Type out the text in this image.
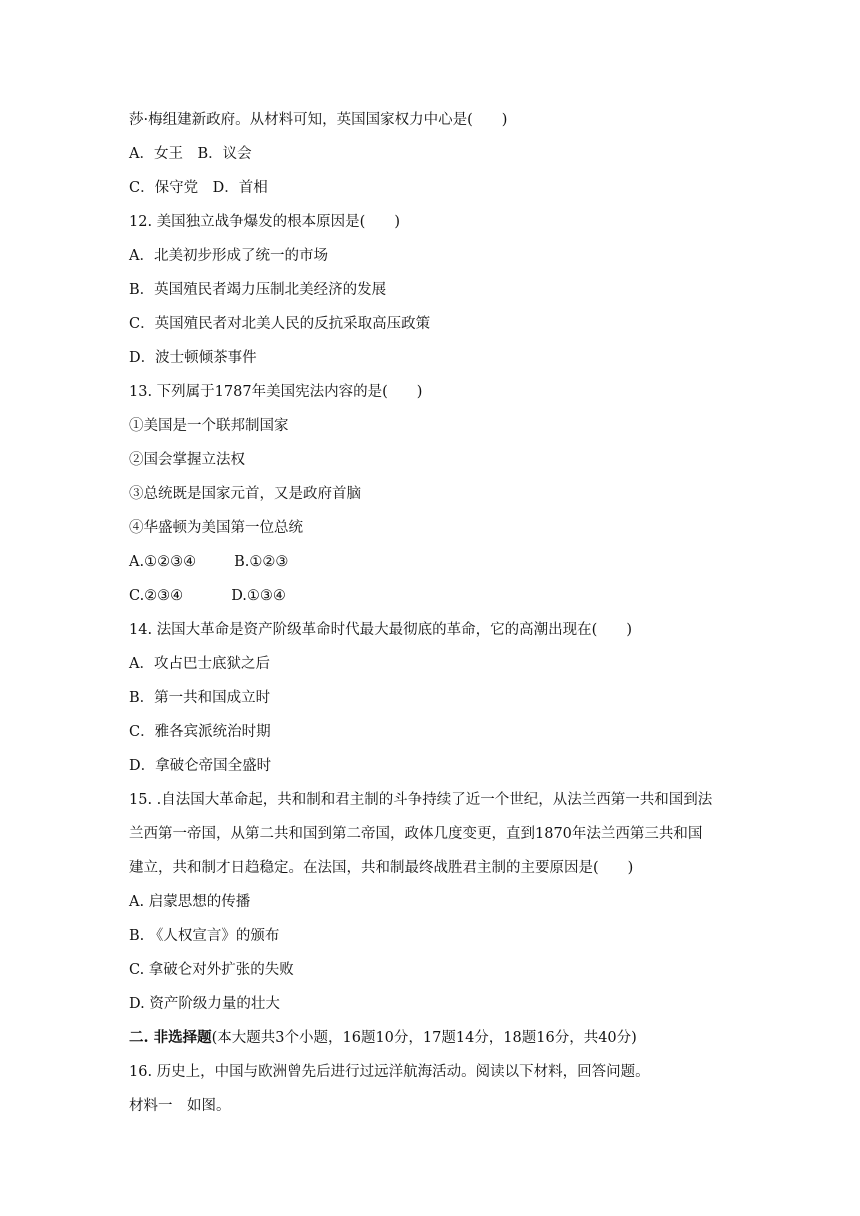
莎·梅组建新政府。从材料可知，英国国家权力中心是(　　)
A．女王　B．议会
C．保守党　D．首相
12. 美国独立战争爆发的根本原因是(　　)
A．北美初步形成了统一的市场
B．英国殖民者竭力压制北美经济的发展
C．英国殖民者对北美人民的反抗采取高压政策
D．波士顿倾茶事件
13. 下列属于1787年美国宪法内容的是(　　)
①美国是一个联邦制国家
②国会掌握立法权
③总统既是国家元首，又是政府首脑
④华盛顿为美国第一位总统
A.①②③④	B.①②③
C.②③④	D.①③④
14. 法国大革命是资产阶级革命时代最大最彻底的革命，它的高潮出现在(　　)
A．攻占巴士底狱之后
B．第一共和国成立时
C．雅各宾派统治时期
D．拿破仑帝国全盛时
15. .自法国大革命起，共和制和君主制的斗争持续了近一个世纪，从法兰西第一共和国到法
兰西第一帝国，从第二共和国到第二帝国，政体几度变更，直到1870年法兰西第三共和国
建立，共和制才日趋稳定。在法国，共和制最终战胜君主制的主要原因是(　　)
A. 启蒙思想的传播
B. 《人权宣言》的颁布
C. 拿破仑对外扩张的失败
D. 资产阶级力量的壮大
二. 非选择题(本大题共3个小题，16题10分，17题14分，18题16分，共40分)
16. 历史上，中国与欧洲曾先后进行过远洋航海活动。阅读以下材料，回答问题。
材料一　如图。
